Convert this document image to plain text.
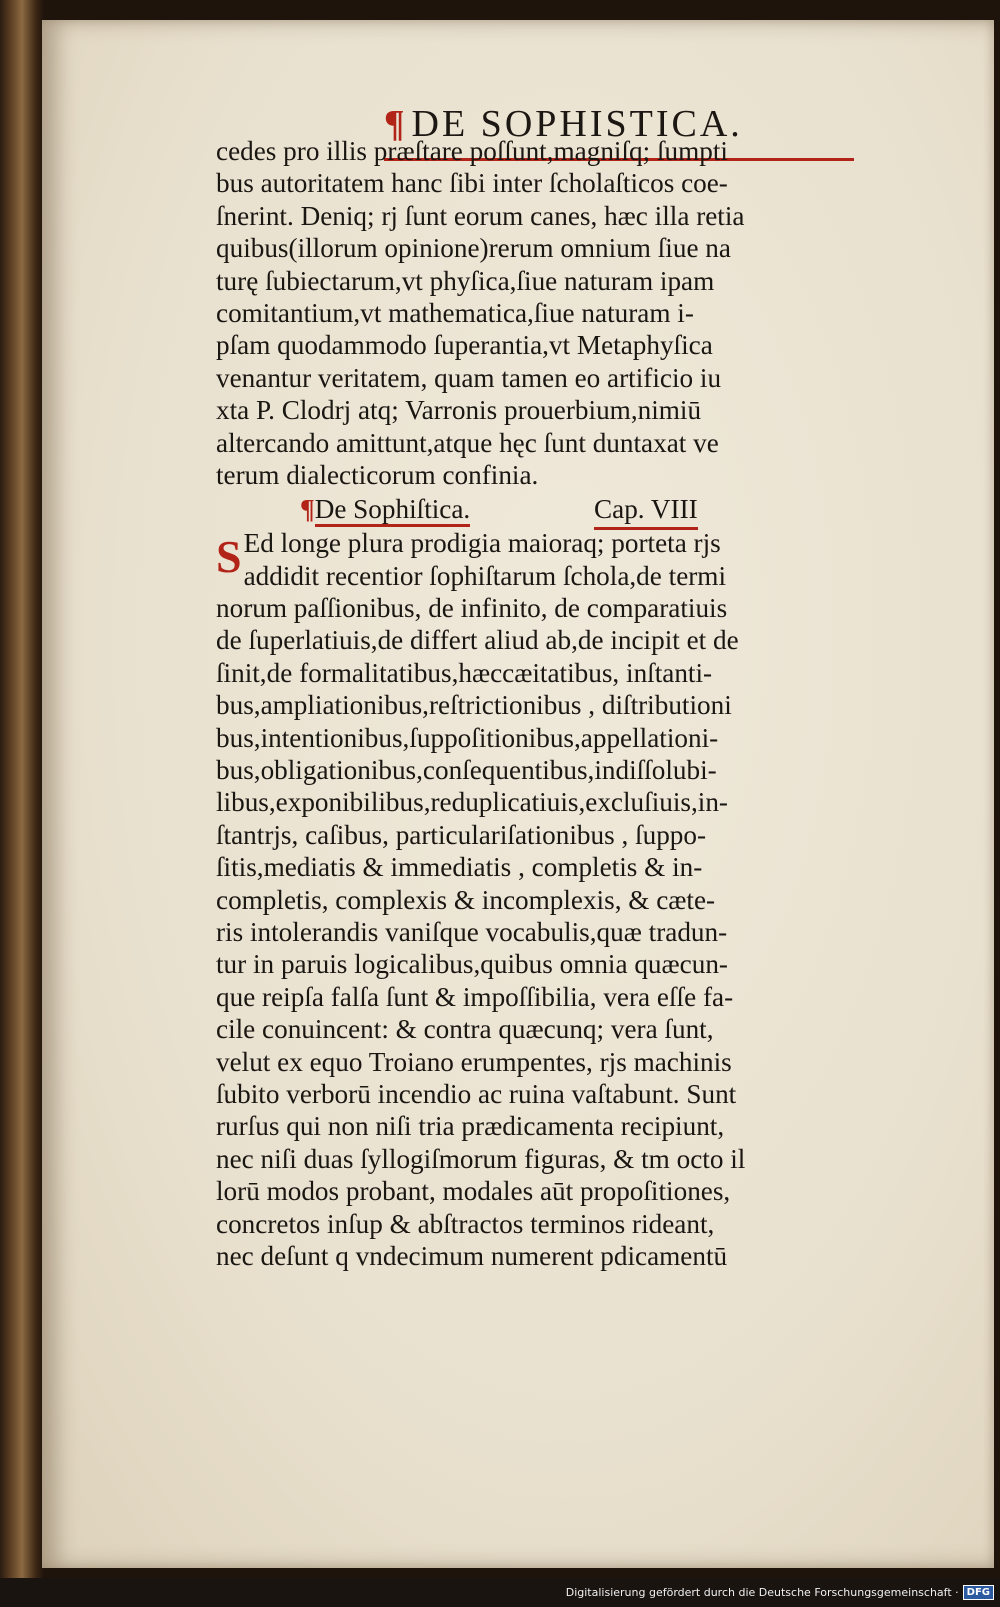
¶ DE SOPHISTICA.
cedes pro illis præſtare poſſunt,magniſq; ſumpti
bus autoritatem hanc ſibi inter ſcholaſticos coe-
ſnerint. Deniq; rj ſunt eorum canes, hæc illa retia
quibus(illorum opinione)rerum omnium ſiue na
turę ſubiectarum,vt phyſica,ſiue naturam ipam
comitantium,vt mathematica,ſiue naturam i-
pſam quodammodo ſuperantia,vt Metaphyſica
venantur veritatem, quam tamen eo artificio iu
xta P. Clodrj atq; Varronis prouerbium,nimiū
altercando amittunt,atque hęc ſunt duntaxat ve
terum dialecticorum confinia.
¶De Sophiſtica.	Cap. VIII
S Ed longe plura prodigia maioraq; porteta rjs
addidit recentior ſophiſtarum ſchola,de termi
norum paſſionibus, de infinito, de comparatiuis
de ſuperlatiuis,de differt aliud ab,de incipit et de
ſinit,de formalitatibus,hæccæitatibus, inſtanti-
bus,ampliationibus,reſtrictionibus , diſtributioni
bus,intentionibus,ſuppoſitionibus,appellationi-
bus,obligationibus,conſequentibus,indiſſolubi-
libus,exponibilibus,reduplicatiuis,excluſiuis,in-
ſtantrjs, caſibus, particulariſationibus , ſuppo-
ſitis,mediatis & immediatis , completis & in-
completis, complexis & incomplexis, & cæte-
ris intolerandis vaniſque vocabulis,quæ tradun-
tur in paruis logicalibus,quibus omnia quæcun-
que reipſa falſa ſunt & impoſſibilia, vera eſſe fa-
cile conuincent: & contra quæcunq; vera ſunt,
velut ex equo Troiano erumpentes, rjs machinis
ſubito verborū incendio ac ruina vaſtabunt. Sunt
rurſus qui non niſi tria prædicamenta recipiunt,
nec niſi duas ſyllogiſmorum figuras, & tm octo il
lorū modos probant, modales aūt propoſitiones,
concretos inſup & abſtractos terminos rideant,
nec deſunt q vndecimum numerent pdicamentū
Digitalisierung gefördert durch die Deutsche Forschungsgemeinschaft · DFG
